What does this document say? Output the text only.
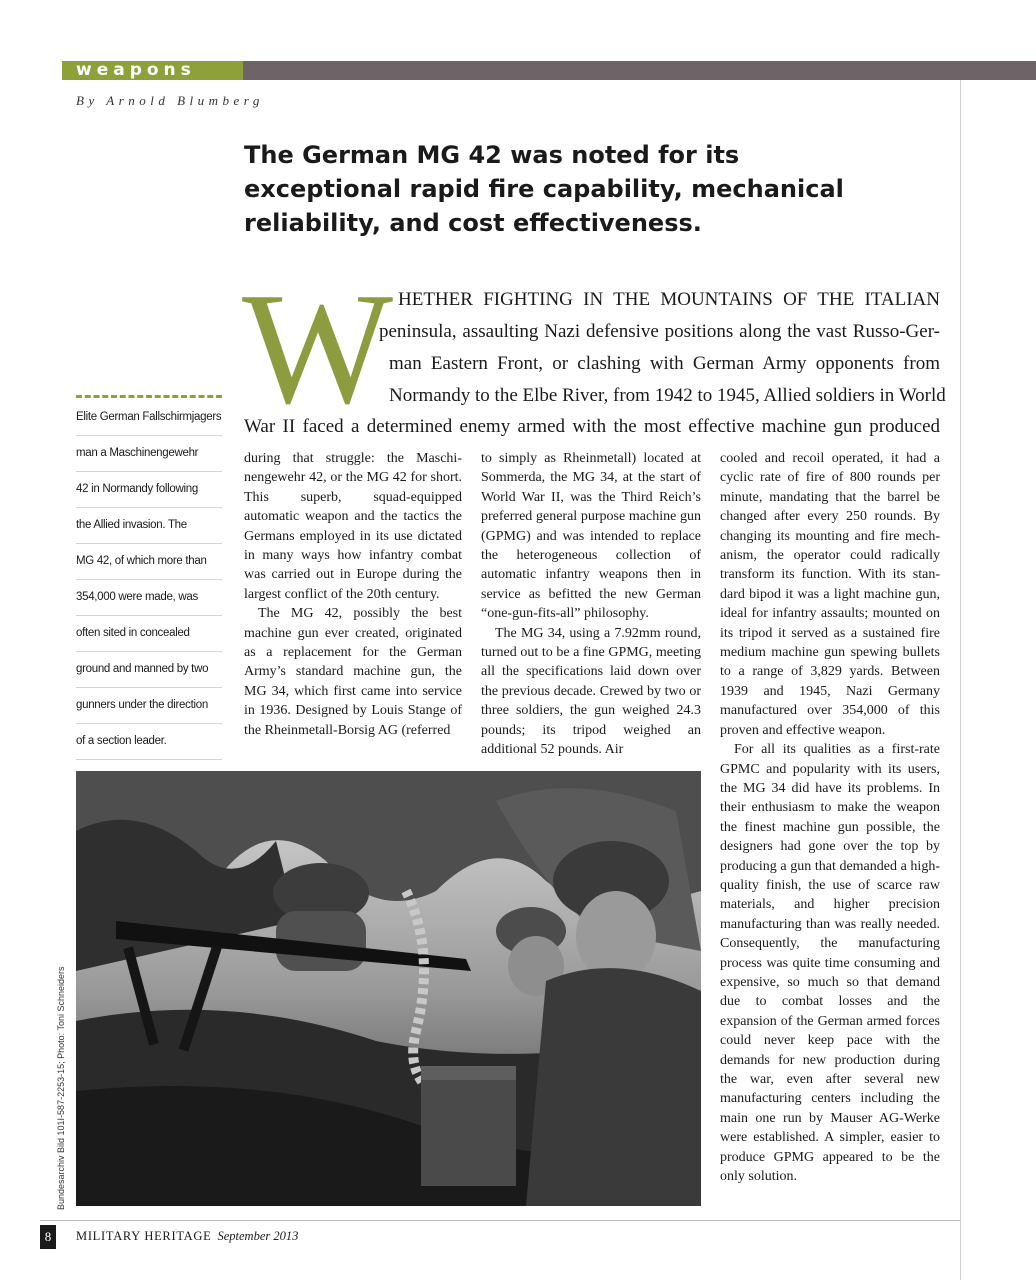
weapons
By Arnold Blumberg
The German MG 42 was noted for its exceptional rapid fire capability, mechanical reliability, and cost effectiveness.
W HETHER FIGHTING IN THE MOUNTAINS OF THE ITALIAN
peninsula, assaulting Nazi defensive positions along the vast Russo-Ger-
man Eastern Front, or clashing with German Army opponents from
Normandy to the Elbe River, from 1942 to 1945, Allied soldiers in World
War II faced a determined enemy armed with the most effective machine gun produced

during that struggle: the Maschinengewehr 42, or the MG 42 for short. This superb, squad-equipped automatic weapon and the tactics the Germans employed in its use dictated in many ways how infantry combat was carried out in Europe during the largest conflict of the 20th century.

The MG 42, possibly the best machine gun ever created, originated as a replacement for the German Army’s standard machine gun, the MG 34, which first came into service in 1936. Designed by Louis Stange of the Rheinmetall-Borsig AG (referred

to simply as Rheinmetall) located at Sommerda, the MG 34, at the start of World War II, was the Third Reich’s preferred general purpose machine gun (GPMG) and was intended to replace the heterogeneous collection of automatic infantry weapons then in service as befitted the new German “one-gun-fits-all” philosophy.

The MG 34, using a 7.92mm round, turned out to be a fine GPMG, meeting all the specifications laid down over the previous decade. Crewed by two or three soldiers, the gun weighed 24.3 pounds; its tripod weighed an additional 52 pounds. Air

cooled and recoil operated, it had a cyclic rate of fire of 800 rounds per minute, mandating that the barrel be changed after every 250 rounds. By changing its mounting and fire mechanism, the operator could radically transform its function. With its standard bipod it was a light machine gun, ideal for infantry assaults; mounted on its tripod it served as a sustained fire medium machine gun spewing bullets to a range of 3,829 yards. Between 1939 and 1945, Nazi Germany manufactured over 354,000 of this proven and effective weapon.

For all its qualities as a first-rate GPMC and popularity with its users, the MG 34 did have its problems. In their enthusiasm to make the weapon the finest machine gun possible, the designers had gone over the top by producing a gun that demanded a high-quality finish, the use of scarce raw materials, and higher precision manufacturing than was really needed. Consequently, the manufacturing process was quite time consuming and expensive, so much so that demand due to combat losses and the expansion of the German armed forces could never keep pace with the demands for new production during the war, even after several new manufacturing centers including the main one run by Mauser AG-Werke were established. A simpler, easier to produce GPMG appeared to be the only solution.

Elite German Fallschirmjagers
man a Maschinengewehr
42 in Normandy following
the Allied invasion. The
MG 42, of which more than
354,000 were made, was
often sited in concealed
ground and manned by two
gunners under the direction
of a section leader.
Bundesarchiv Bild 101I-587-2253-15; Photo: Toni Schneiders
8	MILITARY HERITAGE September 2013
